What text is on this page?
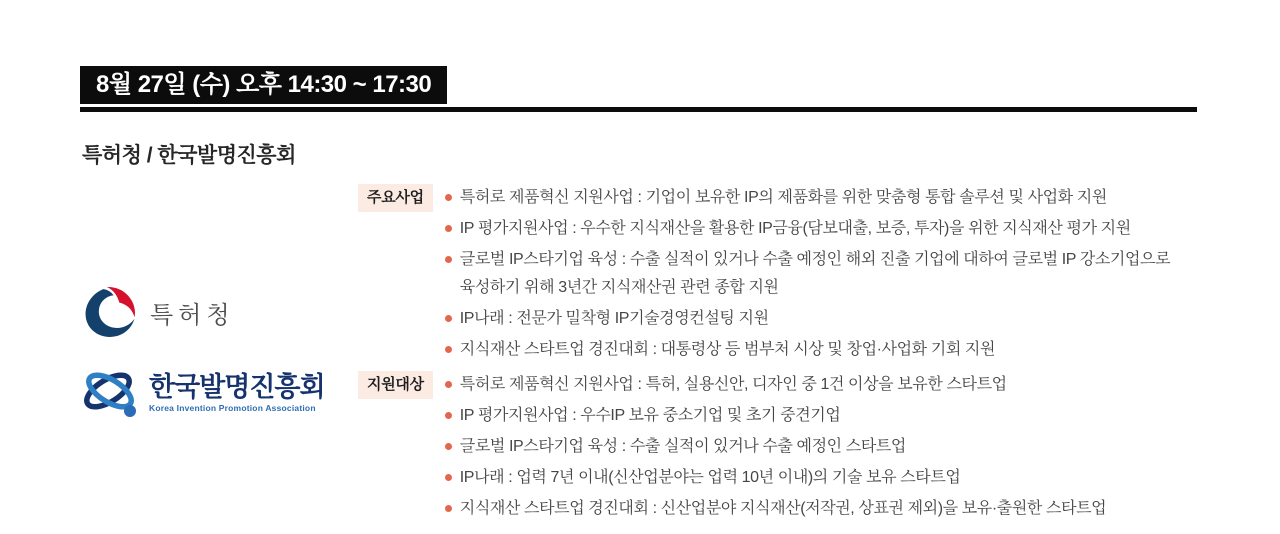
8월 27일 (수) 오후 14:30 ~ 17:30
특허청 / 한국발명진흥회
특허청
한국발명진흥회
Korea Invention Promotion Association
주요사업	특허로 제품혁신 지원사업 : 기업이 보유한 IP의 제품화를 위한 맞춤형 통합 솔루션 및 사업화 지원
IP 평가지원사업 : 우수한 지식재산을 활용한 IP금융(담보대출, 보증, 투자)을 위한 지식재산 평가 지원
글로벌 IP스타기업 육성 : 수출 실적이 있거나 수출 예정인 해외 진출 기업에 대하여 글로벌 IP 강소기업으로 육성하기 위해 3년간 지식재산권 관련 종합 지원
IP나래 : 전문가 밀착형 IP기술경영컨설팅 지원
지식재산 스타트업 경진대회 : 대통령상 등 범부처 시상 및 창업·사업화 기회 지원
지원대상	특허로 제품혁신 지원사업 : 특허, 실용신안, 디자인 중 1건 이상을 보유한 스타트업
IP 평가지원사업 : 우수IP 보유 중소기업 및 초기 중견기업
글로벌 IP스타기업 육성 : 수출 실적이 있거나 수출 예정인 스타트업
IP나래 : 업력 7년 이내(신산업분야는 업력 10년 이내)의 기술 보유 스타트업
지식재산 스타트업 경진대회 : 신산업분야 지식재산(저작권, 상표권 제외)을 보유·출원한 스타트업
